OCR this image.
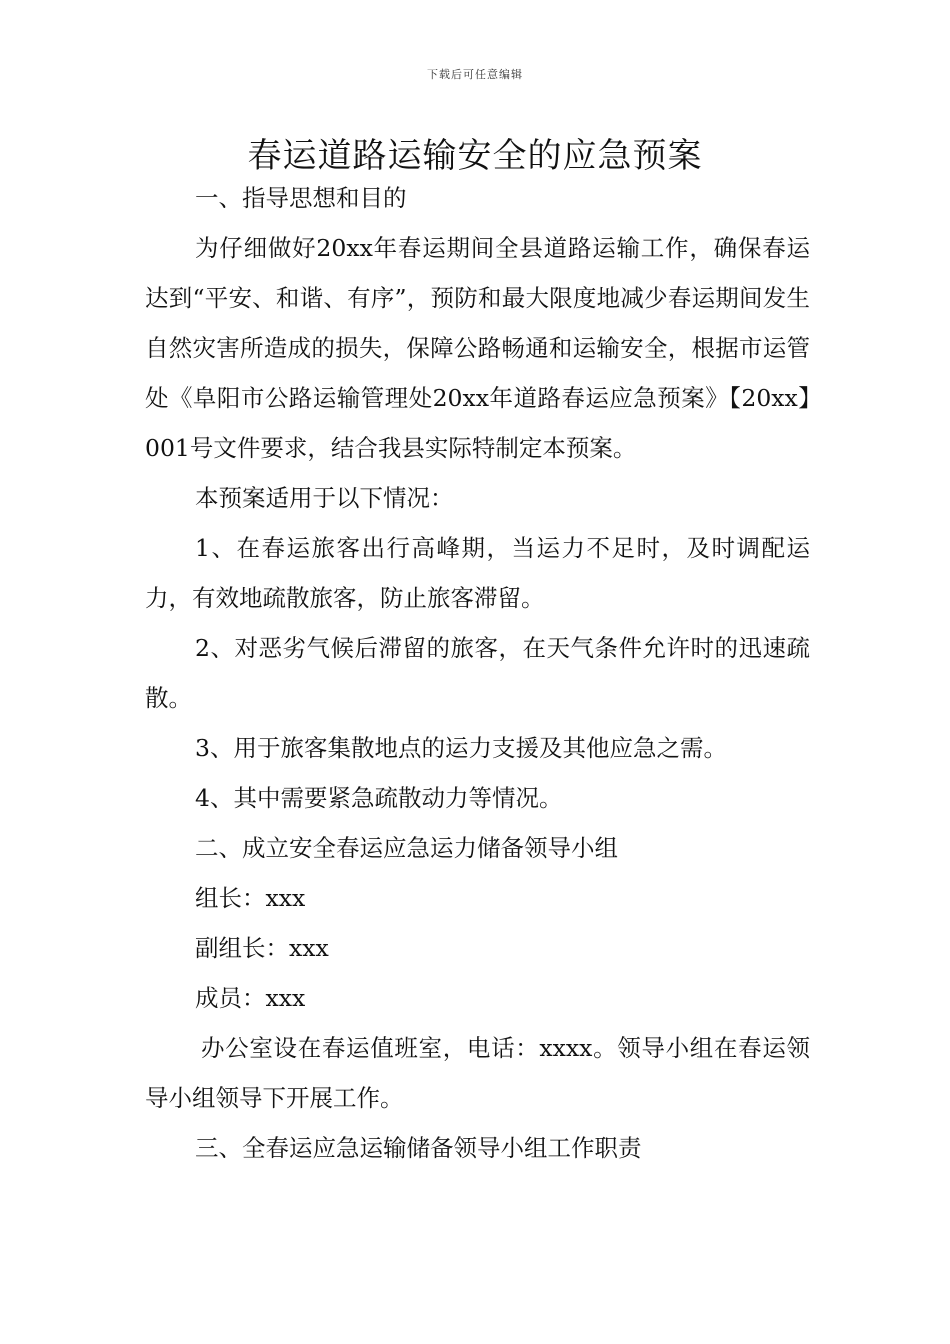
下载后可任意编辑
春运道路运输安全的应急预案

一、指导思想和目的

为仔细做好20xx年春运期间全县道路运输工作，确保春运达到“平安、和谐、有序”，预防和最大限度地减少春运期间发生自然灾害所造成的损失，保障公路畅通和运输安全，根据市运管处《阜阳市公路运输管理处20xx年道路春运应急预案》【20xx】001号文件要求，结合我县实际特制定本预案。

本预案适用于以下情况：

1、在春运旅客出行高峰期，当运力不足时，及时调配运力，有效地疏散旅客，防止旅客滞留。

2、对恶劣气候后滞留的旅客，在天气条件允许时的迅速疏散。

3、用于旅客集散地点的运力支援及其他应急之需。

4、其中需要紧急疏散动力等情况。

二、成立安全春运应急运力储备领导小组

组长：xxx

副组长：xxx

成员：xxx

办公室设在春运值班室，电话：xxxx。领导小组在春运领导小组领导下开展工作。

三、全春运应急运输储备领导小组工作职责
